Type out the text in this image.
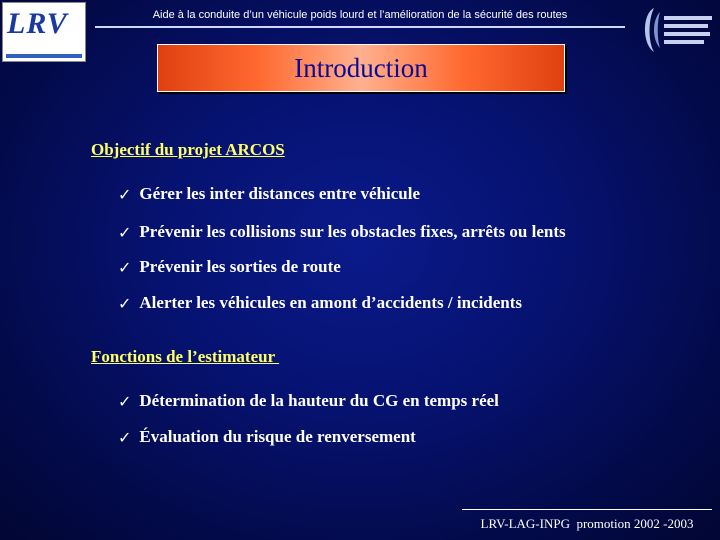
LRV	Aide à la conduite d’un véhicule poids lourd et l’amélioration de la sécurité des routes
Introduction
Objectif du projet ARCOS
✓ Gérer les inter distances entre véhicule
✓ Prévenir les collisions sur les obstacles fixes, arrêts ou lents
✓ Prévenir les sorties de route
✓ Alerter les véhicules en amont d’accidents / incidents
Fonctions de l’estimateur
✓ Détermination de la hauteur du CG en temps réel
✓ Évaluation du risque de renversement
LRV-LAG-INPG  promotion 2002 -2003
